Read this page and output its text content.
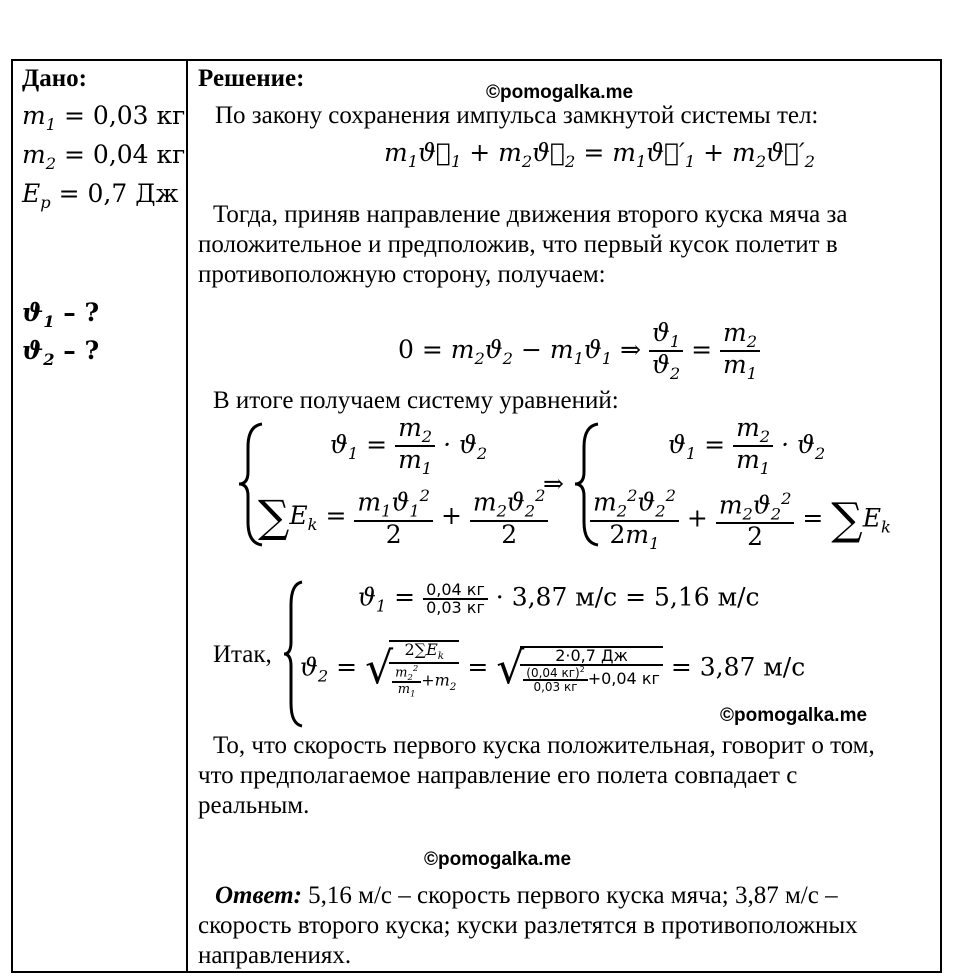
Дано:
$m_1 = 0,03$ кг
$m_2 = 0,04$ кг
$E_p = 0,7$ Дж
$ϑ_1$ – ?
$ϑ_2$ – ?
Решение:
©pomogalka.me
По закону сохранения импульса замкнутой системы тел:
$m_1ϑ⃗_1$ + $m_2ϑ⃗_2$ = $m_1ϑ⃗'_1$ + $m_2ϑ⃗'_2$
Тогда, приняв направление движения второго куска мяча за
положительное и предположив, что первый кусок полетит в
противоположную сторону, получаем:
$0 = m_2ϑ_2 - m_1ϑ_1$ ⇒ $\frac{ϑ_1}{ϑ_2} = \frac{m_2}{m_1}$
В итоге получаем систему уравнений:
$ϑ_1 = \frac{m_2}{m_1} \cdot ϑ_2$
$\sum E_k = \frac{m_1ϑ_1^2}{2} + \frac{m_2ϑ_2^2}{2}$
⇒
$ϑ_1 = \frac{m_2}{m_1} \cdot ϑ_2$
$\frac{m_2^2ϑ_2^2}{2m_1} + \frac{m_2ϑ_2^2}{2} = \sum E_k$
Итак,
$ϑ_1 = \frac{0,04 кг}{0,03 кг} \cdot 3,87$ м/с = 5,16 м/с
$ϑ_2$ = √
$\frac{2\sum E_k}{\frac{m_2^2}{m_1} +m_2}$ = √
$\frac{2\cdot 0,7 Дж}{\frac{(0,04 кг)^2}{0,03 кг} +0,04 кг} = 3,87$ м/с
©pomogalka.me
То, что скорость первого куска положительная, говорит о том,
что предполагаемое направление его полета совпадает с
реальным.
©pomogalka.me
Ответ: 5,16 м/с – скорость первого куска мяча; 3,87 м/с –
скорость второго куска; куски разлетятся в противоположных
направлениях.
